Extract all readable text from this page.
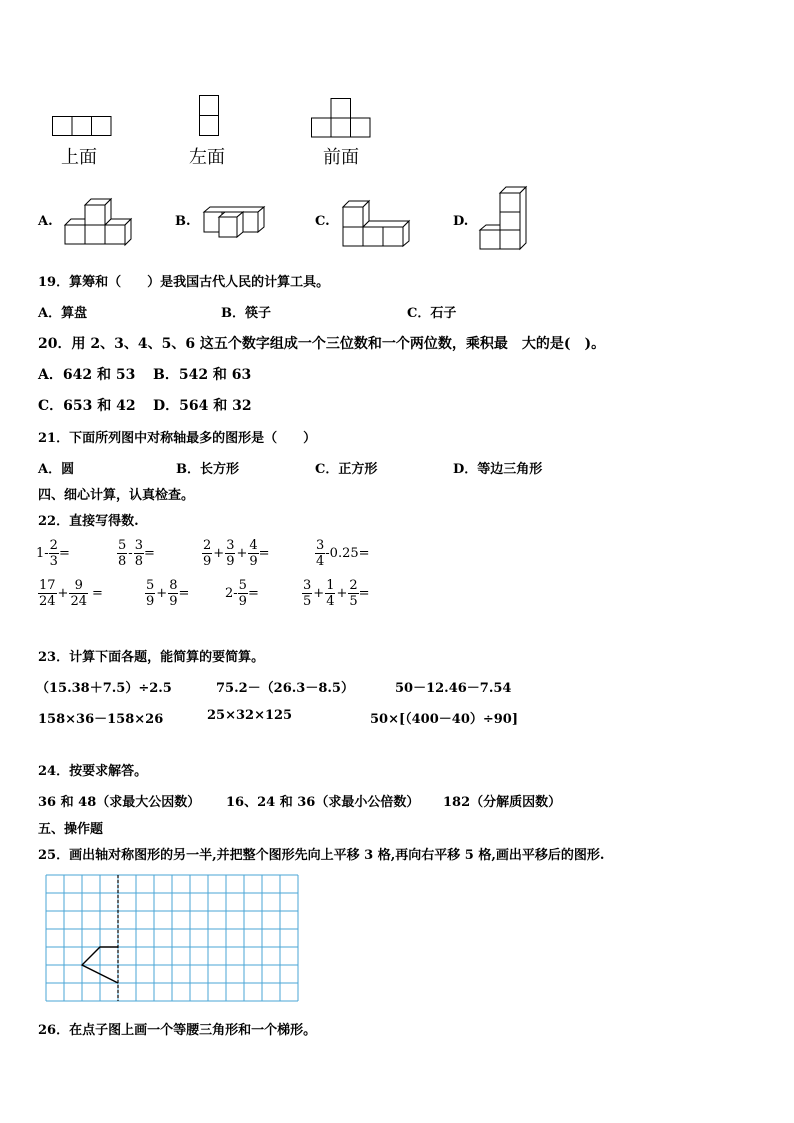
上面	左面	前面
A.	B.	C.	D.
19．算筹和（　　）是我国古代人民的计算工具。
A．算盘	B．筷子	C．石子
20．用 2、3、4、5、6 这五个数字组成一个三位数和一个两位数，乘积最　大的是(　)。
A．642 和 53 B．542 和 63
C．653 和 42 D．564 和 32
21．下面所列图中对称轴最多的图形是（　　）
A．圆	B．长方形	C．正方形	D．等边三角形
四、细心计算，认真检查。
22．直接写得数.
$1- \frac{2}{3}$ =	$\frac{5}{8} - \frac{3}{8}$ =	$\frac{2}{9} + \frac{3}{9} + \frac{4}{9}$ =	$\frac{3}{4} -0.25=$
$\frac{17}{24} + \frac{9}{24}$ =	$\frac{5}{9} + \frac{8}{9}$ =	$2- \frac{5}{9}$ =	$\frac{3}{5} + \frac{1}{4} + \frac{2}{5}$ =
23．计算下面各题，能简算的要简算。
（15.38＋7.5）÷2.5	75.2－（26.3－8.5）	50－12.46－7.54
158×36－158×26	25×32×125	50×[（400－40）÷90]
24．按要求解答。
36 和 48（求最大公因数） 16、24 和 36（求最小公倍数） 182（分解质因数）
五、操作题
25．画出轴对称图形的另一半,并把整个图形先向上平移 3 格,再向右平移 5 格,画出平移后的图形.
26．在点子图上画一个等腰三角形和一个梯形。
